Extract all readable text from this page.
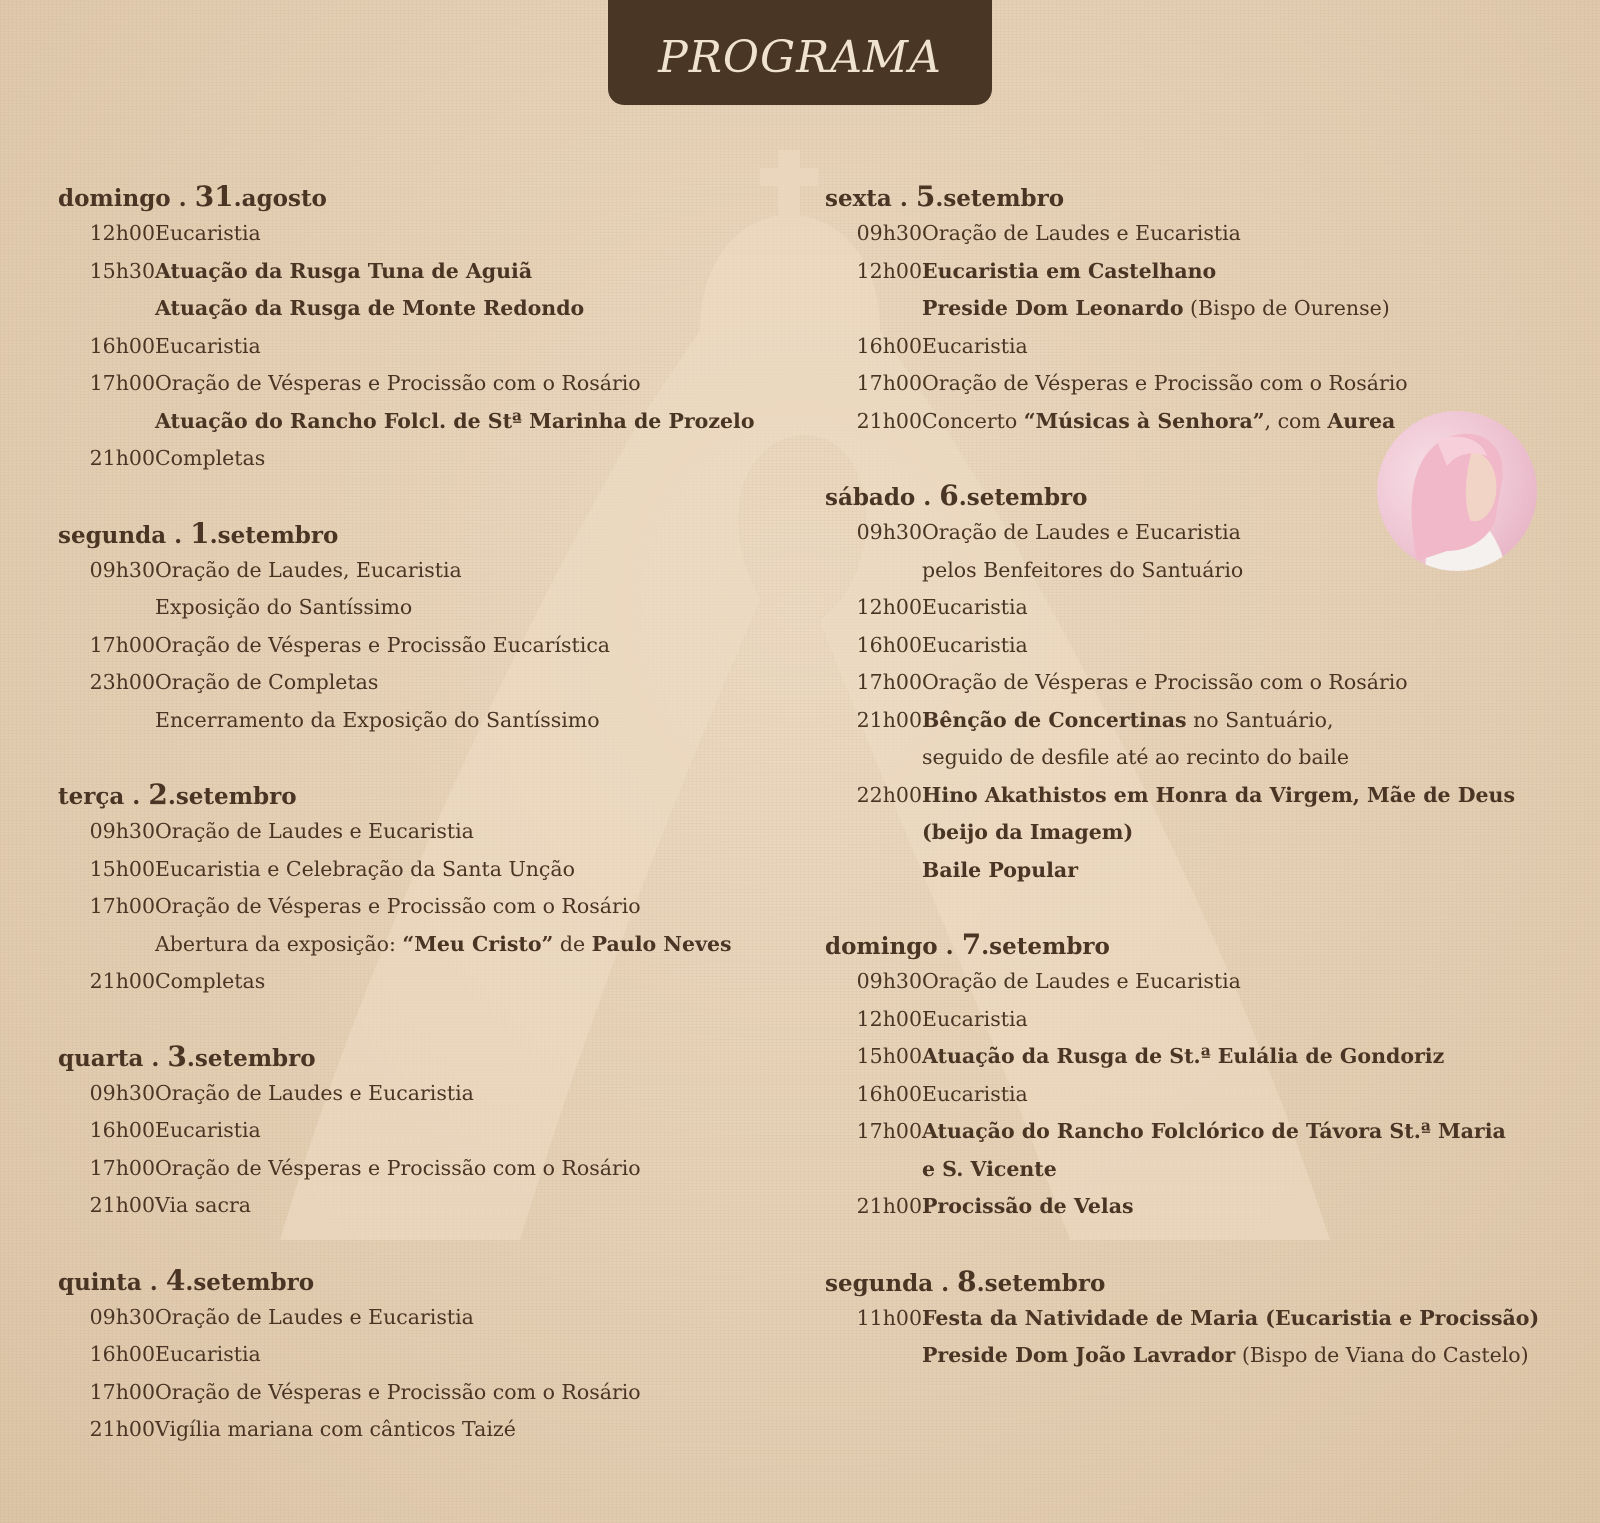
PROGRAMA
domingo . 31.agosto
12h00 Eucaristia
15h30 Atuação da Rusga Tuna de Aguiã
Atuação da Rusga de Monte Redondo
16h00 Eucaristia
17h00 Oração de Vésperas e Procissão com o Rosário
Atuação do Rancho Folcl. de Stª Marinha de Prozelo
21h00 Completas
segunda . 1.setembro
09h30 Oração de Laudes, Eucaristia
Exposição do Santíssimo
17h00 Oração de Vésperas e Procissão Eucarística
23h00 Oração de Completas
Encerramento da Exposição do Santíssimo
terça . 2.setembro
09h30 Oração de Laudes e Eucaristia
15h00 Eucaristia e Celebração da Santa Unção
17h00 Oração de Vésperas e Procissão com o Rosário
Abertura da exposição: “Meu Cristo” de Paulo Neves
21h00 Completas
quarta . 3.setembro
09h30 Oração de Laudes e Eucaristia
16h00 Eucaristia
17h00 Oração de Vésperas e Procissão com o Rosário
21h00 Via sacra
quinta . 4.setembro
09h30 Oração de Laudes e Eucaristia
16h00 Eucaristia
17h00 Oração de Vésperas e Procissão com o Rosário
21h00 Vigília mariana com cânticos Taizé
sexta . 5.setembro
09h30 Oração de Laudes e Eucaristia
12h00 Eucaristia em Castelhano
Preside Dom Leonardo (Bispo de Ourense)
16h00 Eucaristia
17h00 Oração de Vésperas e Procissão com o Rosário
21h00 Concerto “Músicas à Senhora”, com Aurea
sábado . 6.setembro
09h30 Oração de Laudes e Eucaristia
pelos Benfeitores do Santuário
12h00 Eucaristia
16h00 Eucaristia
17h00 Oração de Vésperas e Procissão com o Rosário
21h00 Bênção de Concertinas no Santuário,
seguido de desfile até ao recinto do baile
22h00 Hino Akathistos em Honra da Virgem, Mãe de Deus
(beijo da Imagem)
Baile Popular
domingo . 7.setembro
09h30 Oração de Laudes e Eucaristia
12h00 Eucaristia
15h00 Atuação da Rusga de St.ª Eulália de Gondoriz
16h00 Eucaristia
17h00 Atuação do Rancho Folclórico de Távora St.ª Maria
e S. Vicente
21h00 Procissão de Velas
segunda . 8.setembro
11h00 Festa da Natividade de Maria (Eucaristia e Procissão)
Preside Dom João Lavrador (Bispo de Viana do Castelo)
